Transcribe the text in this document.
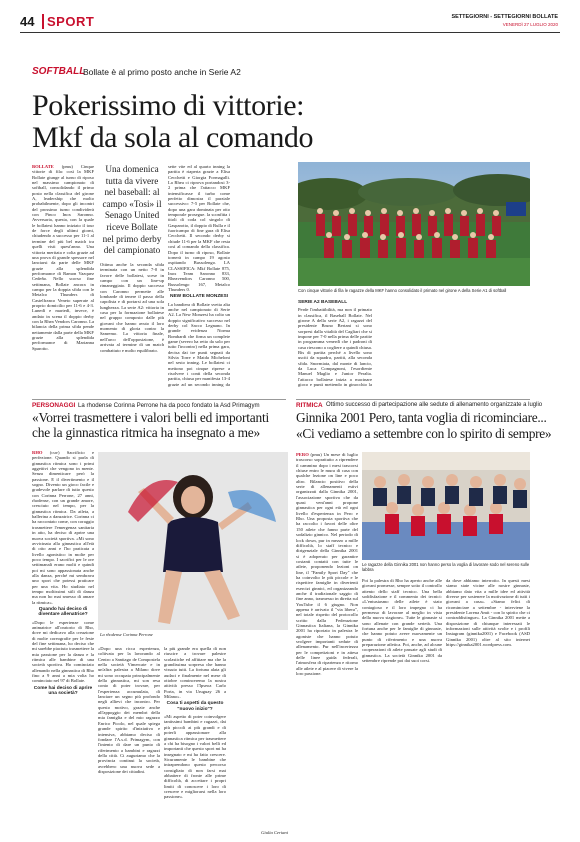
44 SPORT	SETTEGIORNI - SETTEGIORNI BOLLATE
VENERDÌ 27 LUGLIO 2020
SOFTBALL
Bollate è al primo posto anche in Serie A2
Pokerissimo di vittorie:
Mkf da sola al comando
Con cinque vittorie di fila le ragazze della MKF hanno consolidato il primato nel girone A della Serie A1 di softball

BOLLATE (pmu) Cinque vittorie di fila: così la MKF Bollate giunge al turno di riposo nel massimo campionato di softball, consolidando il primo posto nella classifica del girone A, leadership che molto probabilmente, dopo gli incontri del prossimo turno condividerà con Pinco Inox Saronno. Avversaria, questa, con la quale le bollatesi hanno iniziato il tour de force degli ultimi giorni, chiudendo a successo per 11-1 al termine del più bel match tra quelli visti quest'anno. Una vittoria meritata e colta grazie ad una prova di grande spessore nel lanciarsi da parte delle MKF grazie alla splendida performance di Ramon Vazquez Cedeño. Nello scorso fine settimana, Bollate ancora in campo per la doppia sfida con le Metalco Thunders di Castelfranco Veneto superate al proprio domicilio per 11-6 e 4-3. Lunedì e martedì, invece, è andato in scena il doppio derby con la Rhea Vendors Caronno. La bilancia della prima sfida pende nettamente dalla parte della MKF grazie alla splendida performance di Marianna Sparotto.

Una domenica tutta da vivere nel baseball: al campo «Tosi» il Senago United riceve Bollate nel primo derby del campionato

Ottima anche la seconda sfida terminata con un netto 7-0 in favore delle bollatesi, scese in campo con un line-up rimaneggiato. Il doppio successo con Caronno permette alle lombarde di tenere il passo della capolista e di portarsi ad una sola lunghezza. La serie A2: vittoria in casa per la formazione bollatese nel gruppo composto dalle più giovani che hanno avuto il loro momento di gloria contro la Sanremo. La vittoria finale, nell'arco dell'opposizione, è arrivata al termine di un match combattuto e molto equilibrato.

sette vite ed al quarto inning la partita è riaperta grazie a Elisa Cecchetti e Giorgia Formagalli. La Rhea ci riprova portandosi 3-2 prima che l'attacco MKF intensificasse il turbo come perfetto dimostra il parziale successivo: 7-5 per Bollate che, dopo una gara dominata per otto temporale prosegue. la sconfitta i titoli di coda col singolo di Gasparotto, il doppio di Bulla e il fuoricampo di fine gara di Elisa Cecchetti. Il secondo derby si chiude 11-6 per la MKF che resta così al comando della classifica. Dopo il turno di riposo, Bollate tornerà in campo 19 agosto ospitando Bussolengo. LA CLASSIFICA: Mkf Bollate 875, Inox Team Saronno 833, Rheavendors Caronno 500, Bussolengo 167, Metalco Thunders 0.

NEW BOLLATE MONZESI

La bandiera di Bollate svetta alta anche nel campionato di Serie A2. La New Monzesi ha colto un doppio significativo successo nel derby col Sacco Legnano. In grande evidenza Norma Bombardi che firma un complete game (severo ha retto da solo per tutto l'incontro) nella prima gara, decisa dai tre punti segnati da Silvia Torre e Maida Micheloni nel sesto inning. Le bollatesi ci mettono poi cinque riprese a risolvere i conti della seconda partita, chiusa per manifesta 13-4 grazie ad un secondo inning da

SERIE A2 BASEBALL

Perde l'imbattibilità, ma non il primato in classifica, il Baseball Bollate. Nel girone A della serie A2, i ragazzi del presidente Bruno Bertani si sono sorpresi dalla vitalità del Cagliari che si impone per 7-0 nella prima delle partite in programma venerdì che i padroni di casa riescono a cogliere a quindi chiusa. Bis di partita perché a livello sono usciti da squadra, partiti, alla seconda sfida. Snormiata, dal monte di lancio, da Luca Compagnoni, l'esordiente Manuel Maglio e Junior Peralta. l'attacco bollatese inizia a macinare gioco e punti mettendo in ginocchio la

PERSONAGGI La rhodense Corinna Perrone ha da poco fondato la Asd Primagym
«Vorrei trasmettere i valori belli ed importanti che la ginnastica ritmica ha insegnato a me»

RHO (cuv) Sacrificio e perfezione. Quando si parla di ginnastica ritmica sono i primi aggettivi che vengono in mente. Senza dimenticare però la passione. E il divertimento e il sogno. Divento un gioco facile e gradevole parlare di tutto questo con Corinna Perrone, 27 anni, rhodense, con un grande amore, cresciuto nel tempo, per la ginnastica ritmica. Da atleta, a ballerina a danzatrice. Corinna ci ha raccontato come, con coraggio trasmettere l'emergenza sanitaria in atto, ha deciso di aprire una nuova società sportiva. «Mi sono avvicinata alla ginnastica all'età di otto anni e l'ho praticata a livello agonistico in molte per poco tempo. I sacrifici per le ore settimanali erano molti e quindi poi mi sono appassionata anche alla danza, perché mi sembrava uno sport che potessi praticare per una vita. Ho studiato nel tempo moltissimi stili di danza ma non ho mai smesso di amare la ritmica».

Quando hai deciso di diventare allenatrice?

«Dopo le esperienze come animatrice all'oratorio di Rho, dove mi dedicavo alla creazione di molte coreografie per le feste del fine settimana, ho deciso che mi sarebbe piaciuto trasmettere la mia passione per la danza e la ritmica alle bambine di una società sportiva. Ho cominciato allenando nella ginnastica di Rho fino a 9 anni a mia volta ho cominciato nel 97 di Bollate.

Come hai deciso di aprire una società?

La rhodense Corinna Perrone

«Dopo una ricca esperienza, coltivata per la lavorando al Centro a Santiago de Compostela nella società Vimercate e in un'altra palestra a Milano dove mi sono occupata principalmente della ginnastica, mi son resa conto di poter trovare, per l'esperienza accumulata, di lanciare un segno più profondo negli allievi che incontro. Per questo motivo, grazie anche all'appoggio dei membri della mia famiglia e del mio ragazzo Enrico Picolo, nel quale spiega grande spirito d'iniziativa e intensiva, abbiamo deciso di fondare l'A.s.d. Primagym, con l'intento di dare un punto di riferimento a bambini e ragazzi della città. Ci auguriamo che la provincia continui la società, avrebbero una nuova sede a disposizione dei cittadini.

la più grande era quella di non riuscire a trovare palestre scolastiche ed affittare ma che la grandissima sorpresa che hanno vissuto tutti. La fortuna alata gli audaci e finalmente nel mese di ottobre cominceremo la nostra attività presso l'Ipseoa Carlo Porta, in via Uruguay 26 a Milano».

Cosa ti aspetti da questo "nuovo inizio"?

«Mi aspetto di poter coinvolgere tantissimi bambini e ragazzi, dai più piccoli ai più grandi e di poterli appassionare alla ginnastica ritmica per trasmettere a chi ha bisogno i valori belli ed importanti che questo sport mi ha insegnato e mi ha fatto crescere. Sicuramente le bambine che intraprendono questo percorso consigliato di non farsi mai abbattere di fronte alle prime difficoltà, di accettare i propri limiti di conoscere i loro di crescere e migliorarsi nella loro passione».

Giulia Ceriani
RITMICA Ottimo successo di partecipazione alle sedute di allenamento organizzate a luglio
Ginnika 2001 Pero, tanta voglia di ricominciare...
«Ci vediamo a settembre con lo spirito di sempre»

PERO (pmu) Un mese di luglio trascorso soprattutto a riprendere il cammino dopo i mesi trascorsi chiuse entro le mura di casa con qualche lezione on line e poco altro. Bilancio positivo della serie di allenamenti estivi organizzati dalla Ginnika 2001, l'associazione sportiva che da quasi vent'anni propone ginnastica per ogni età ed ogni livello d'esperienza in Pero e Rho. Una proposta sportiva che ha raccolto i favori delle oltre 150 atlete che fanno parte del sodalizio ginnico. Nel periodo di lock down, pur in mezzo a mille difficoltà, lo staff tecnico e dirigenziale della Ginnika 2001 si è adoperato per garantire costanti contatti con tutte le atlete, proponendo lezioni on line, il "Family Sport Day" che ha coinvolto le più piccole e le rispettive famiglie in divertenti esercizi ginnici, ed organizzando anche il tradizionale saggio di fine anno, trasmesso in diretta sul YouTube il 6 giugno. Non appena è arrivato il "via libera", nel totale rispetto del protocollo scritto dalla Federazione Ginnastica Italiana, la Ginnika 2001 ha riportato in palestra le agoniste che hanno potuto svolgere importanti sedute di allenamento. Pur nell'incertezza per le competizioni e in attesa delle linee guida federali, l'atmosfera di ripartenza e ritorno alle atlete e al piacere di vivere la loro passione.

Le ragazze della Ginnika 2001 non hanno perso la voglia di lavorare sodo nel sereno sulle labbra

Poi la palestra di Rho ha aperto anche alle giovani promesse, sempre sotto il controllo attento dello staff tecnico. Una bella soddisfazione e il commento dei tecnici: «L'entusiasmo delle atlete è stato contagioso e il loro impegno ci ha permesso di lavorare al meglio in vista della nuova stagione». Tutte le ginnaste si sono allenate con grande serietà. Una fortuna anche per le famiglie di ginnaste, che hanno potuto avere nuovamente un punto di riferimento e una nuova preparazione atletica. Poi, anche, ad alcune cooperazioni di atlete passate agli studi di ginnastica. La società Ginnika 2001 da settembre riprende poi dai suoi corsi.

da dove abbiamo interrotto. In questi mesi siamo state vicine alle nostre ginnaste, abbiamo dato vita a mille idee ed attività diverse per sostenere la motivazione di tutti i giovani a casa». «Siamo felici di ricominciare a settembre - interviene la presidente Lorena Amit - con lo spirito che ci contraddistingue». La Ginnika 2001 mette a disposizione di chiunque interessati le informazioni sulle attività svolte e i profili Instagram (ginnika2001) e Facebook (ASD Ginnika 2001) oltre al sito internet https://ginnika2001.wordpress.com.
